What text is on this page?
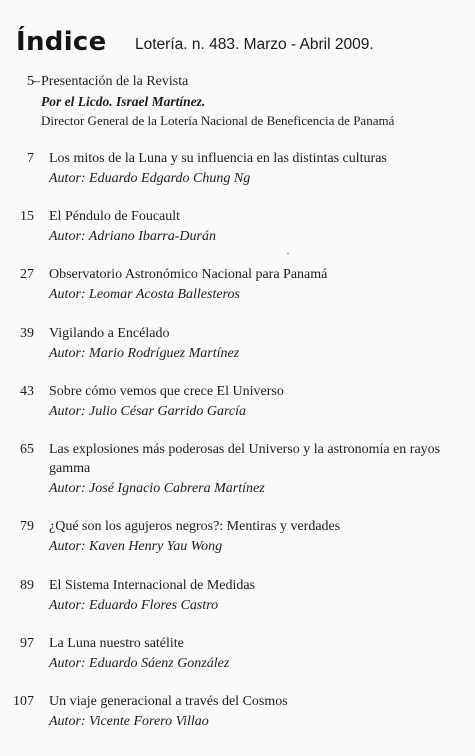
Índice Lotería. n. 483. Marzo - Abril 2009.
5 – Presentación de la Revista
Por el Licdo. Israel Martínez.
Director General de la Lotería Nacional de Beneficencia de Panamá
7 Los mitos de la Luna y su influencia en las distintas culturas
Autor: Eduardo Edgardo Chung Ng
15 El Péndulo de Foucault
Autor: Adriano Ibarra-Durán
27 Observatorio Astronómico Nacional para Panamá
Autor: Leomar Acosta Ballesteros
39 Vigilando a Encélado
Autor: Mario Rodríguez Martínez
43 Sobre cómo vemos que crece El Universo
Autor: Julio César Garrido García
65 Las explosiones más poderosas del Universo y la astronomía en rayos gamma
Autor: José Ignacio Cabrera Martínez
79 ¿Qué son los agujeros negros?: Mentiras y verdades
Autor: Kaven Henry Yau Wong
89 El Sistema Internacional de Medidas
Autor: Eduardo Flores Castro
97 La Luna nuestro satélite
Autor: Eduardo Sáenz González
107 Un viaje generacional a través del Cosmos
Autor: Vicente Forero Villao
